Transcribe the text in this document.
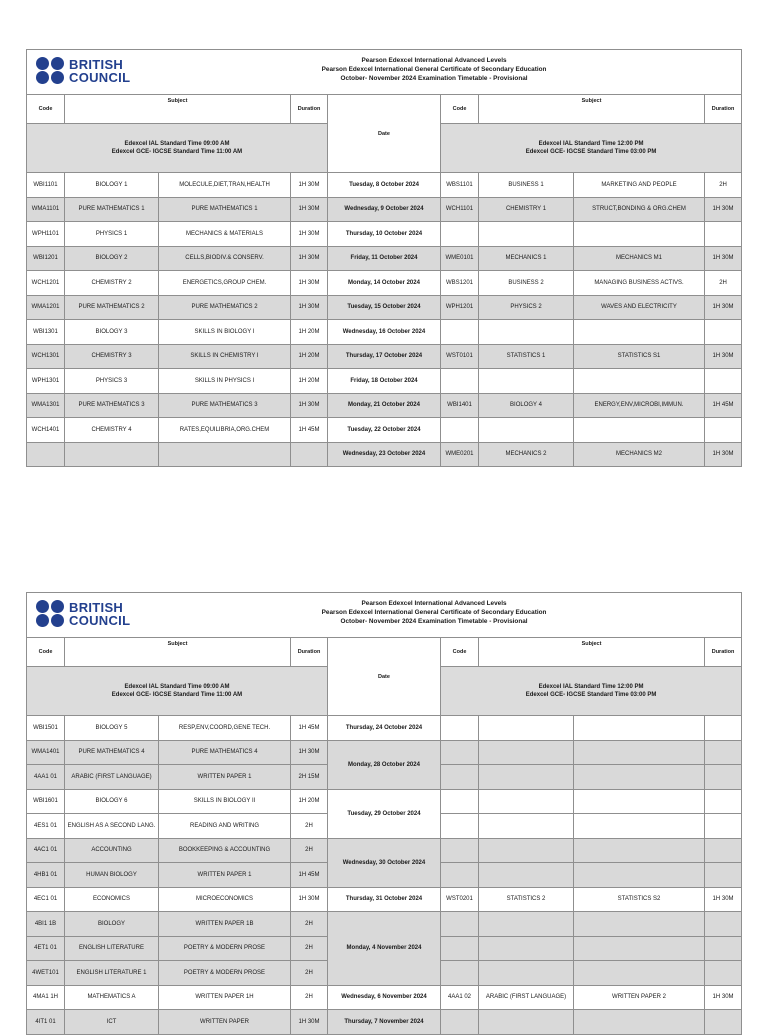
BRITISH
COUNCIL
Pearson Edexcel International Advanced Levels
Pearson Edexcel International General Certificate of Secondary Education
October- November 2024 Examination Timetable - Provisional								

Code	Subject		Duration	Date	Code	Subject		Duration
Edexcel IAL Standard Time 09:00 AM
Edexcel GCE- IGCSE Standard Time 11:00 AM					Edexcel IAL Standard Time 12:00 PM
Edexcel GCE- IGCSE Standard Time 03:00 PM			
WBI1101	BIOLOGY 1	MOLECULE,DIET,TRAN,HEALTH	1H 30M	Tuesday, 8 October 2024	WBS1101	BUSINESS 1	MARKETING AND PEOPLE	2H
WMA1101	PURE MATHEMATICS 1	PURE MATHEMATICS 1	1H 30M	Wednesday, 9 October 2024	WCH1101	CHEMISTRY 1	STRUCT,BONDING & ORG.CHEM	1H 30M
WPH1101	PHYSICS 1	MECHANICS & MATERIALS	1H 30M	Thursday, 10 October 2024				
WBI1201	BIOLOGY 2	CELLS,BIODIV.& CONSERV.	1H 30M	Friday, 11 October 2024	WME0101	MECHANICS 1	MECHANICS M1	1H 30M
WCH1201	CHEMISTRY 2	ENERGETICS,GROUP CHEM.	1H 30M	Monday, 14 October 2024	WBS1201	BUSINESS 2	MANAGING BUSINESS ACTIVS.	2H
WMA1201	PURE MATHEMATICS 2	PURE MATHEMATICS 2	1H 30M	Tuesday, 15 October 2024	WPH1201	PHYSICS 2	WAVES AND ELECTRICITY	1H 30M
WBI1301	BIOLOGY 3	SKILLS IN BIOLOGY I	1H 20M	Wednesday, 16 October 2024				
WCH1301	CHEMISTRY 3	SKILLS IN CHEMISTRY I	1H 20M	Thursday, 17 October 2024	WST0101	STATISTICS 1	STATISTICS S1	1H 30M
WPH1301	PHYSICS 3	SKILLS IN PHYSICS I	1H 20M	Friday, 18 October 2024				
WMA1301	PURE MATHEMATICS 3	PURE MATHEMATICS 3	1H 30M	Monday, 21 October 2024	WBI1401	BIOLOGY 4	ENERGY,ENV,MICROBI,IMMUN.	1H 45M
WCH1401	CHEMISTRY 4	RATES,EQUILIBRIA,ORG.CHEM	1H 45M	Tuesday, 22 October 2024				
				Wednesday, 23 October 2024	WME0201	MECHANICS 2	MECHANICS M2	1H 30M
BRITISH
COUNCIL
Pearson Edexcel International Advanced Levels
Pearson Edexcel International General Certificate of Secondary Education
October- November 2024 Examination Timetable - Provisional								

Code	Subject		Duration	Date	Code	Subject		Duration
Edexcel IAL Standard Time 09:00 AM
Edexcel GCE- IGCSE Standard Time 11:00 AM					Edexcel IAL Standard Time 12:00 PM
Edexcel GCE- IGCSE Standard Time 03:00 PM			
WBI1501	BIOLOGY 5	RESP,ENV,COORD,GENE TECH.	1H 45M	Thursday, 24 October 2024				
WMA1401	PURE MATHEMATICS 4	PURE MATHEMATICS 4	1H 30M	Monday, 28 October 2024				
4AA1 01	ARABIC (FIRST LANGUAGE)	WRITTEN PAPER 1	2H 15M					
WBI1601	BIOLOGY 6	SKILLS IN BIOLOGY II	1H 20M	Tuesday, 29 October 2024				
4ES1 01	ENGLISH AS A SECOND LANG.	READING AND WRITING	2H					
4AC1 01	ACCOUNTING	BOOKKEEPING & ACCOUNTING	2H	Wednesday, 30 October 2024				
4HB1 01	HUMAN BIOLOGY	WRITTEN PAPER 1	1H 45M					
4EC1 01	ECONOMICS	MICROECONOMICS	1H 30M	Thursday, 31 October 2024	WST0201	STATISTICS 2	STATISTICS S2	1H 30M
4BI1 1B	BIOLOGY	WRITTEN PAPER 1B	2H	Monday, 4 November 2024				
4ET1 01	ENGLISH LITERATURE	POETRY & MODERN PROSE	2H					
4WET101	ENGLISH LITERATURE 1	POETRY & MODERN PROSE	2H					
4MA1 1H	MATHEMATICS A	WRITTEN PAPER 1H	2H	Wednesday, 6 November 2024	4AA1 02	ARABIC (FIRST LANGUAGE)	WRITTEN PAPER 2	1H 30M
4IT1 01	ICT	WRITTEN PAPER	1H 30M	Thursday, 7 November 2024				
